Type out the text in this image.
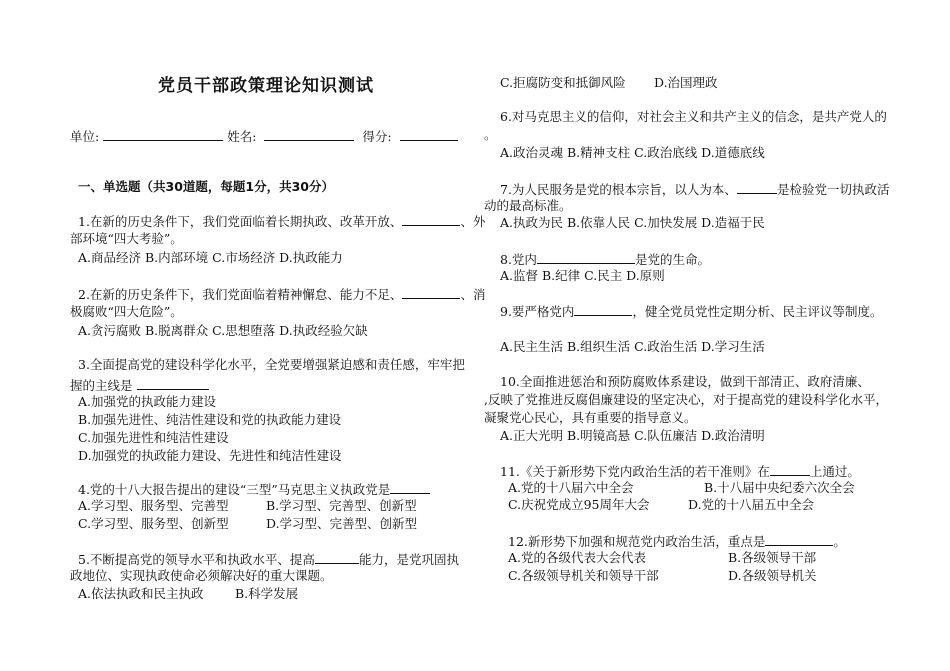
党员干部政策理论知识测试
单位:	姓名:	得分:
一、单选题（共30道题，每题1分，共30分）
1.在新的历史条件下，我们党面临着长期执政、改革开放、	、外
部环境“四大考验”。
A.商品经济 B.内部环境 C.市场经济 D.执政能力
2.在新的历史条件下，我们党面临着精神懈怠、能力不足、	、消
极腐败“四大危险”。
A.贪污腐败 B.脱离群众 C.思想堕落 D.执政经验欠缺
3.全面提高党的建设科学化水平，全党要增强紧迫感和责任感，牢牢把
握的主线是
A.加强党的执政能力建设
B.加强先进性、纯洁性建设和党的执政能力建设
C.加强先进性和纯洁性建设
D.加强党的执政能力建设、先进性和纯洁性建设
4.党的十八大报告提出的建设“三型”马克思主义执政党是
A.学习型、服务型、完善型	B.学习型、完善型、创新型
C.学习型、服务型、创新型	D.学习型、完善型、创新型
5.不断提高党的领导水平和执政水平、提高	能力，是党巩固执
政地位、实现执政使命必须解决好的重大课题。
A.依法执政和民主执政	B.科学发展
C.拒腐防变和抵御风险 D.治国理政
6.对马克思主义的信仰，对社会主义和共产主义的信念，是共产党人的
。
A.政治灵魂 B.精神支柱 C.政治底线 D.道德底线
7.为人民服务是党的根本宗旨，以人为本、	是检验党一切执政活
动的最高标准。
A.执政为民 B.依靠人民 C.加快发展 D.造福于民
8.党内	是党的生命。
A.监督 B.纪律 C.民主 D.原则
9.要严格党内	，健全党员党性定期分析、民主评议等制度。
A.民主生活 B.组织生活 C.政治生活 D.学习生活
10.全面推进惩治和预防腐败体系建设，做到干部清正、政府清廉、
,反映了党推进反腐倡廉建设的坚定决心，对于提高党的建设科学化水平，
凝聚党心民心，具有重要的指导意义。
A.正大光明 B.明镜高悬 C.队伍廉洁 D.政治清明
11.《关于新形势下党内政治生活的若干准则》在	上通过。
A.党的十八届六中全会	B.十八届中央纪委六次全会
C.庆祝党成立95周年大会	D.党的十八届五中全会
12.新形势下加强和规范党内政治生活，重点是	。
A.党的各级代表大会代表	B.各级领导干部
C.各级领导机关和领导干部	D.各级领导机关
